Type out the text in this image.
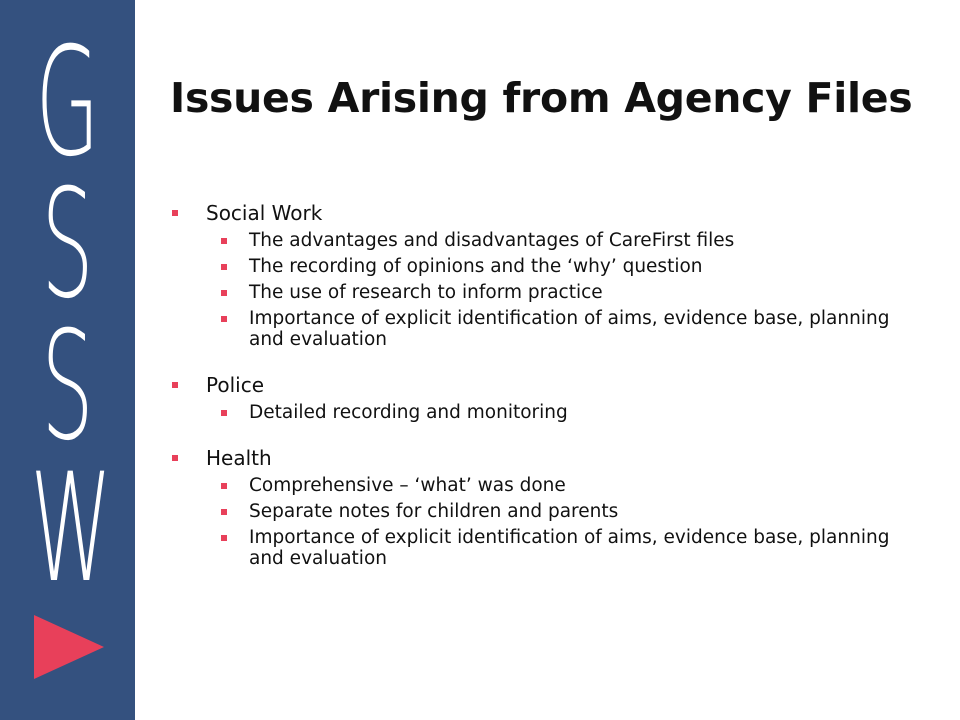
G
S
S
W
Issues Arising from Agency Files
Social Work
The advantages and disadvantages of CareFirst files
The recording of opinions and the ‘why’ question
The use of research to inform practice
Importance of explicit identification of aims, evidence base, planning and evaluation
Police
Detailed recording and monitoring
Health
Comprehensive – ‘what’ was done
Separate notes for children and parents
Importance of explicit identification of aims, evidence base, planning and evaluation
